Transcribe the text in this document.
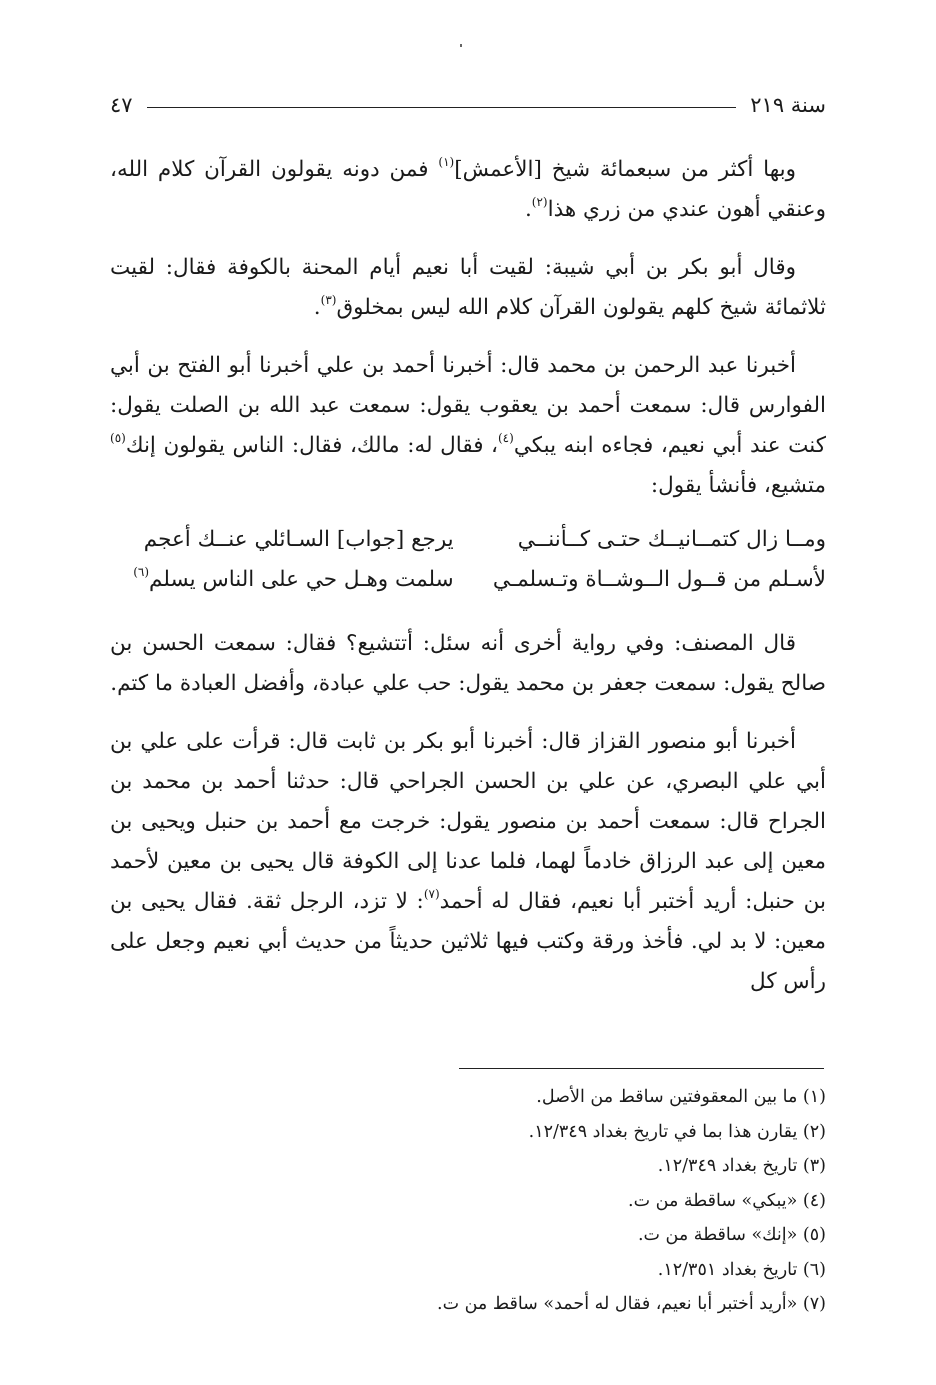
سنة ٢١٩
٤٧

وبها أكثر من سبعمائة شيخ [الأعمش]$^{(١)}$ فمن دونه يقولون القرآن كلام الله، وعنقي أهون عندي من زري هذا$^{(٢)}$.

وقال أبو بكر بن أبي شيبة: لقيت أبا نعيم أيام المحنة بالكوفة فقال: لقيت ثلاثمائة شيخ كلهم يقولون القرآن كلام الله ليس بمخلوق$^{(٣)}$.

أخبرنا عبد الرحمن بن محمد قال: أخبرنا أحمد بن علي أخبرنا أبو الفتح بن أبي الفوارس قال: سمعت أحمد بن يعقوب يقول: سمعت عبد الله بن الصلت يقول: كنت عند أبي نعيم، فجاءه ابنه يبكي$^{(٤)}$، فقال له: مالك، فقال: الناس يقولون إنك$^{(٥)}$ متشيع، فأنشأ يقول:

ومــا زال كتمــانيــك حتـى كــأننــي
يرجع [جواب] السـائلي عنــك أعجم
لأسـلم من قــول الــوشــاة وتـسلمـي
سلمت وهـل حي على الناس يسلم$^{(٦)}$

قال المصنف: وفي رواية أخرى أنه سئل: أتتشيع؟ فقال: سمعت الحسن بن صالح يقول: سمعت جعفر بن محمد يقول: حب علي عبادة، وأفضل العبادة ما كتم.

أخبرنا أبو منصور القزاز قال: أخبرنا أبو بكر بن ثابت قال: قرأت على علي بن أبي علي البصري، عن علي بن الحسن الجراحي قال: حدثنا أحمد بن محمد بن الجراح قال: سمعت أحمد بن منصور يقول: خرجت مع أحمد بن حنبل ويحيى بن معين إلى عبد الرزاق خادماً لهما، فلما عدنا إلى الكوفة قال يحيى بن معين لأحمد بن حنبل: أريد أختبر أبا نعيم، فقال له أحمد$^{(٧)}$: لا تزد، الرجل ثقة. فقال يحيى بن معين: لا بد لي. فأخذ ورقة وكتب فيها ثلاثين حديثاً من حديث أبي نعيم وجعل على رأس كل

(١) ما بين المعقوفتين ساقط من الأصل.

(٢) يقارن هذا بما في تاريخ بغداد ١٢/٣٤٩.

(٣) تاريخ بغداد ١٢/٣٤٩.

(٤) «يبكي» ساقطة من ت.

(٥) «إنك» ساقطة من ت.

(٦) تاريخ بغداد ١٢/٣٥١.

(٧) «أريد أختبر أبا نعيم، فقال له أحمد» ساقط من ت.
